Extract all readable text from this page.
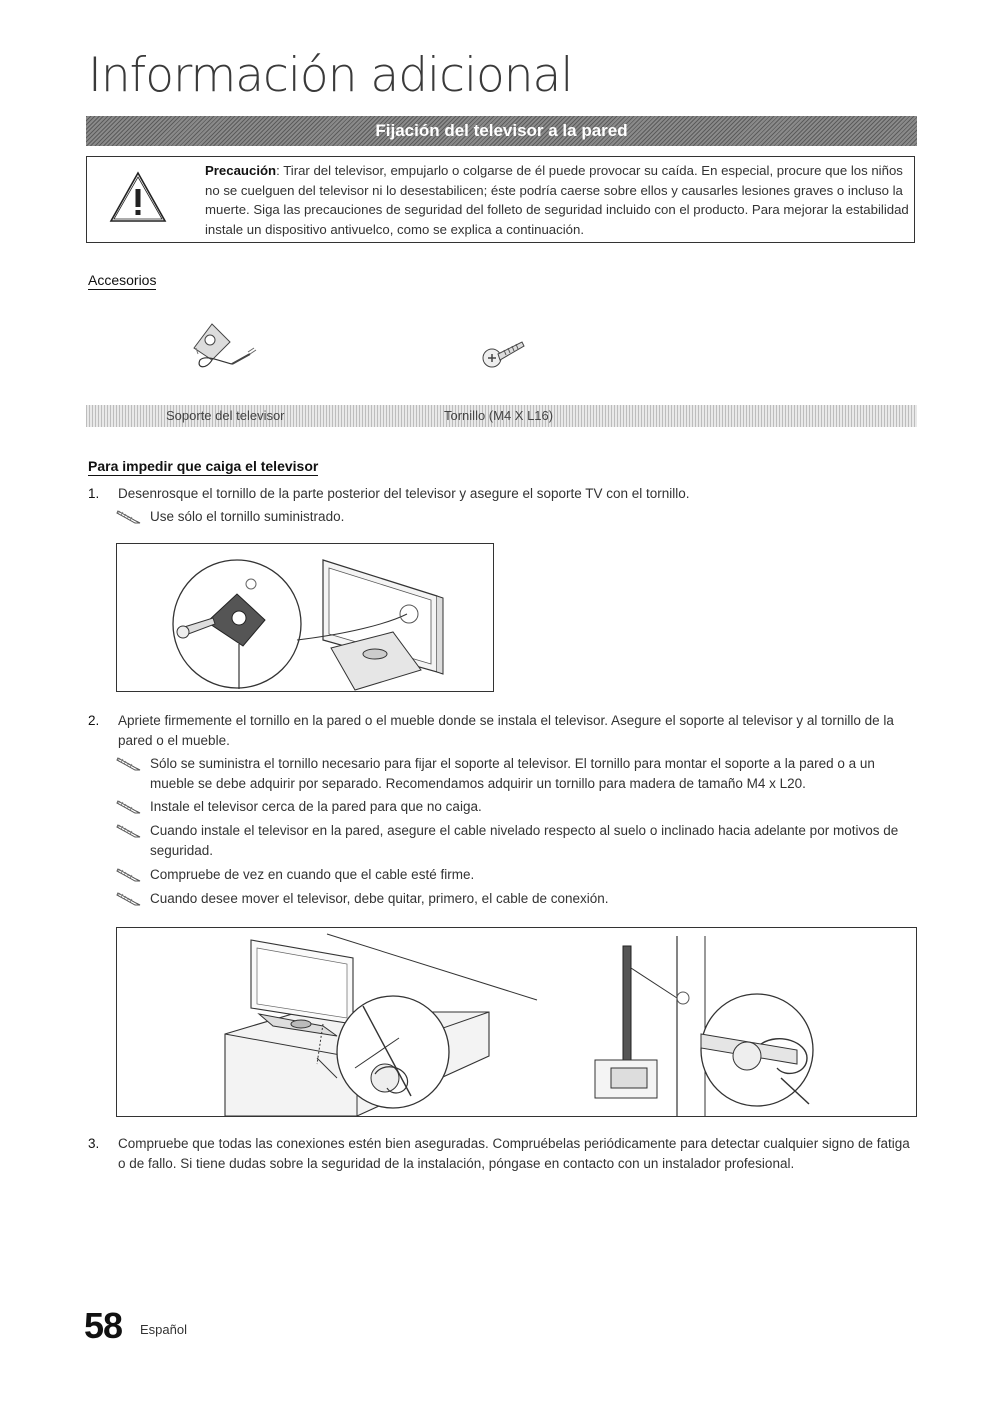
Información adicional
Fijación del televisor a la pared
Precaución: Tirar del televisor, empujarlo o colgarse de él puede provocar su caída. En especial, procure que los niños no se cuelguen del televisor ni lo desestabilicen; éste podría caerse sobre ellos y causarles lesiones graves o incluso la muerte. Siga las precauciones de seguridad del folleto de seguridad incluido con el producto. Para mejorar la estabilidad instale un dispositivo antivuelco, como se explica a continuación.
Accesorios
Soporte del televisor	Tornillo (M4 X L16)
Para impedir que caiga el televisor
1. Desenrosque el tornillo de la parte posterior del televisor y asegure el soporte TV con el tornillo.
Use sólo el tornillo suministrado.
2. Apriete firmemente el tornillo en la pared o el mueble donde se instala el televisor. Asegure el soporte al televisor y al tornillo de la pared o el mueble.
Sólo se suministra el tornillo necesario para fijar el soporte al televisor. El tornillo para montar el soporte a la pared o a un mueble se debe adquirir por separado. Recomendamos adquirir un tornillo para madera de tamaño M4 x L20.
Instale el televisor cerca de la pared para que no caiga.
Cuando instale el televisor en la pared, asegure el cable nivelado respecto al suelo o inclinado hacia adelante por motivos de seguridad.
Compruebe de vez en cuando que el cable esté firme.
Cuando desee mover el televisor, debe quitar, primero, el cable de conexión.
3. Compruebe que todas las conexiones estén bien aseguradas. Compruébelas periódicamente para detectar cualquier signo de fatiga o de fallo. Si tiene dudas sobre la seguridad de la instalación, póngase en contacto con un instalador profesional.
58 Español
